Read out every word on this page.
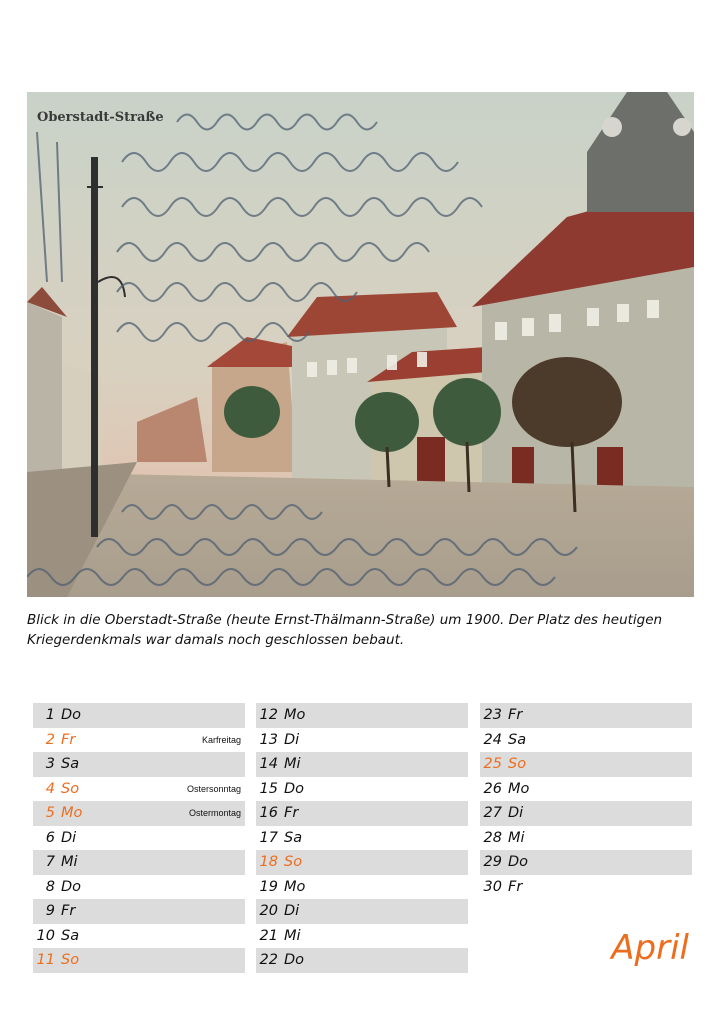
Oberstadt-Straße
Blick in die Oberstadt-Straße (heute Ernst-Thälmann-Straße) um 1900. Der Platz des heutigen Kriegerdenkmals war damals noch geschlossen bebaut.
1 Do
2 Fr	Karfreitag
3 Sa
4 So	Ostersonntag
5 Mo	Ostermontag
6 Di
7 Mi
8 Do
9 Fr
10 Sa
11 So
12 Mo
13 Di
14 Mi
15 Do
16 Fr
17 Sa
18 So
19 Mo
20 Di
21 Mi
22 Do
23 Fr
24 Sa
25 So
26 Mo
27 Di
28 Mi
29 Do
30 Fr
April
